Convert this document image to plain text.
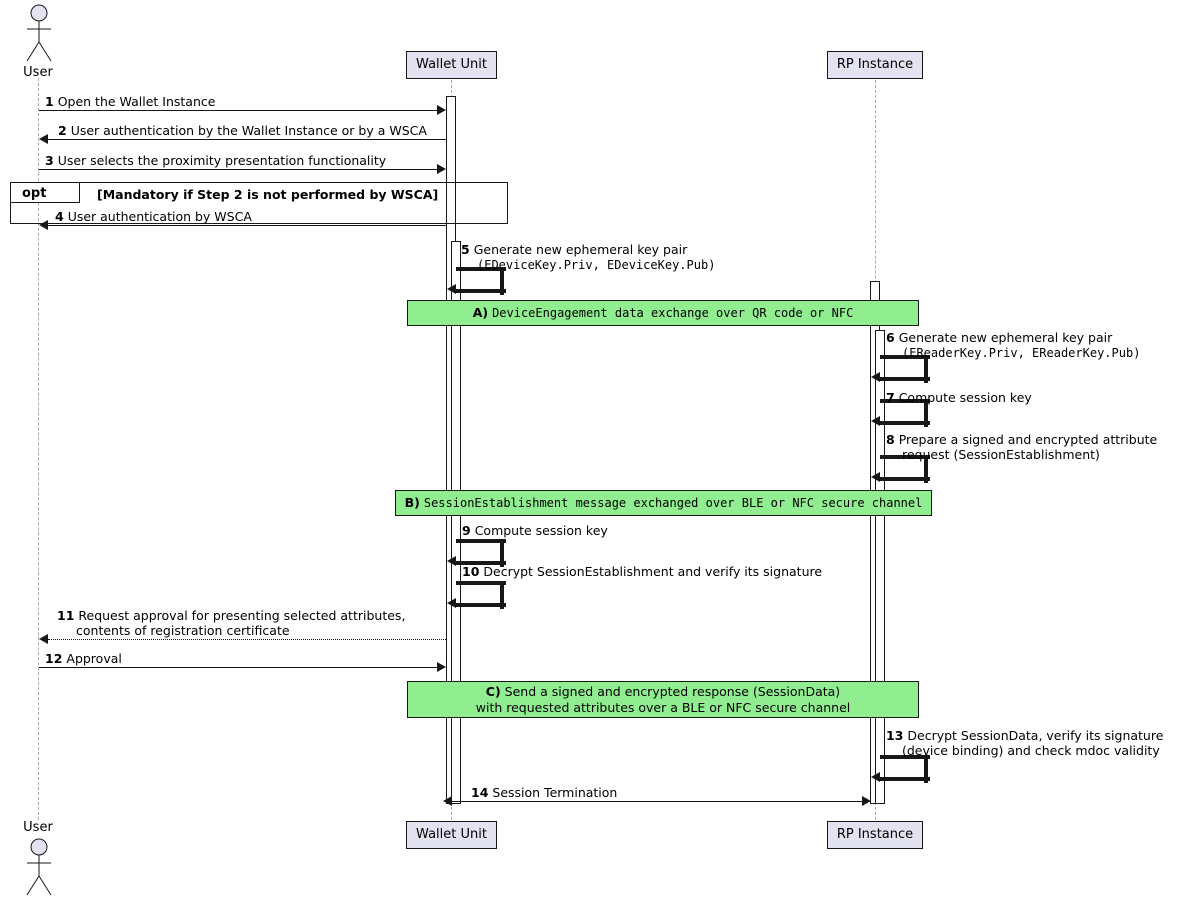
User
User
Wallet Unit
Wallet Unit
RP Instance
RP Instance
1 Open the Wallet Instance
2 User authentication by the Wallet Instance or by a WSCA
3 User selects the proximity presentation functionality
opt	[Mandatory if Step 2 is not performed by WSCA]
4 User authentication by WSCA
5 Generate new ephemeral key pair
(EDeviceKey.Priv, EDeviceKey.Pub)
A) DeviceEngagement data exchange over QR code or NFC
6 Generate new ephemeral key pair
(EReaderKey.Priv, EReaderKey.Pub)
7 Compute session key
8 Prepare a signed and encrypted attribute
request (SessionEstablishment)
B) SessionEstablishment message exchanged over BLE or NFC secure channel
9 Compute session key
10 Decrypt SessionEstablishment and verify its signature
11 Request approval for presenting selected attributes,
contents of registration certificate
12 Approval
C) Send a signed and encrypted response (SessionData)
with requested attributes over a BLE or NFC secure channel
13 Decrypt SessionData, verify its signature
(device binding) and check mdoc validity
14 Session Termination
